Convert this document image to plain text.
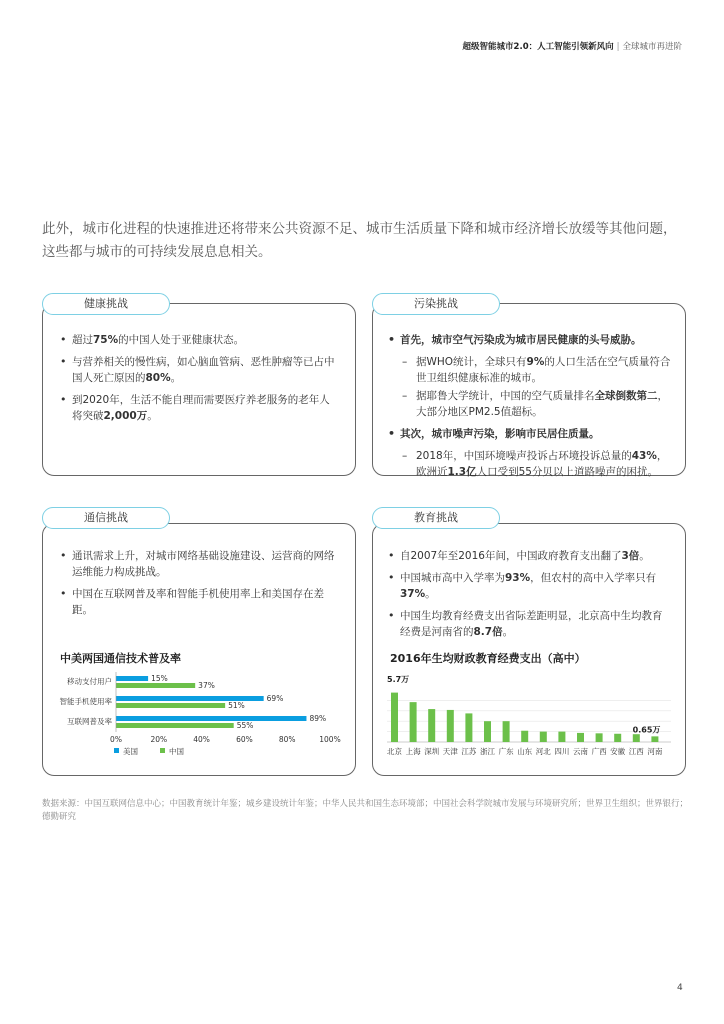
超级智能城市2.0：人工智能引领新风向 | 全球城市再进阶
此外，城市化进程的快速推进还将带来公共资源不足、城市生活质量下降和城市经济增长放缓等其他问题，这些都与城市的可持续发展息息相关。
健康挑战
• 超过75%的中国人处于亚健康状态。
• 与营养相关的慢性病，如心脑血管病、恶性肿瘤等已占中国人死亡原因的80%。
• 到2020年，生活不能自理而需要医疗养老服务的老年人将突破2,000万。
污染挑战
• 首先，城市空气污染成为城市居民健康的头号威胁。
– 据WHO统计，全球只有9%的人口生活在空气质量符合世卫组织健康标准的城市。
– 据耶鲁大学统计，中国的空气质量排名全球倒数第二，大部分地区PM2.5值超标。
• 其次，城市噪声污染，影响市民居住质量。
– 2018年，中国环境噪声投诉占环境投诉总量的43%，欧洲近1.3亿人口受到55分贝以上道路噪声的困扰。
通信挑战
• 通讯需求上升，对城市网络基础设施建设、运营商的网络运维能力构成挑战。
• 中国在互联网普及率和智能手机使用率上和美国存在差距。
中美两国通信技术普及率
移动支付用户	15%
37%
智能手机使用率	69%
51%
互联网普及率	89%
55%
0%	20%	40%	60%	80%	100%
美国	中国
教育挑战
• 自2007年至2016年间，中国政府教育支出翻了3倍。
• 中国城市高中入学率为93%，但农村的高中入学率只有37%。
• 中国生均教育经费支出省际差距明显，北京高中生均教育经费是河南省的8.7倍。
2016年生均财政教育经费支出（高中）
北京 上海 深圳 天津 江苏 浙江 广东 山东 河北 四川 云南 广西 安徽 江西 河南
5.7万
0.65万
数据来源：中国互联网信息中心；中国教育统计年鉴；城乡建设统计年鉴；中华人民共和国生态环境部；中国社会科学院城市发展与环境研究所；世界卫生组织；世界银行；德勤研究
4
